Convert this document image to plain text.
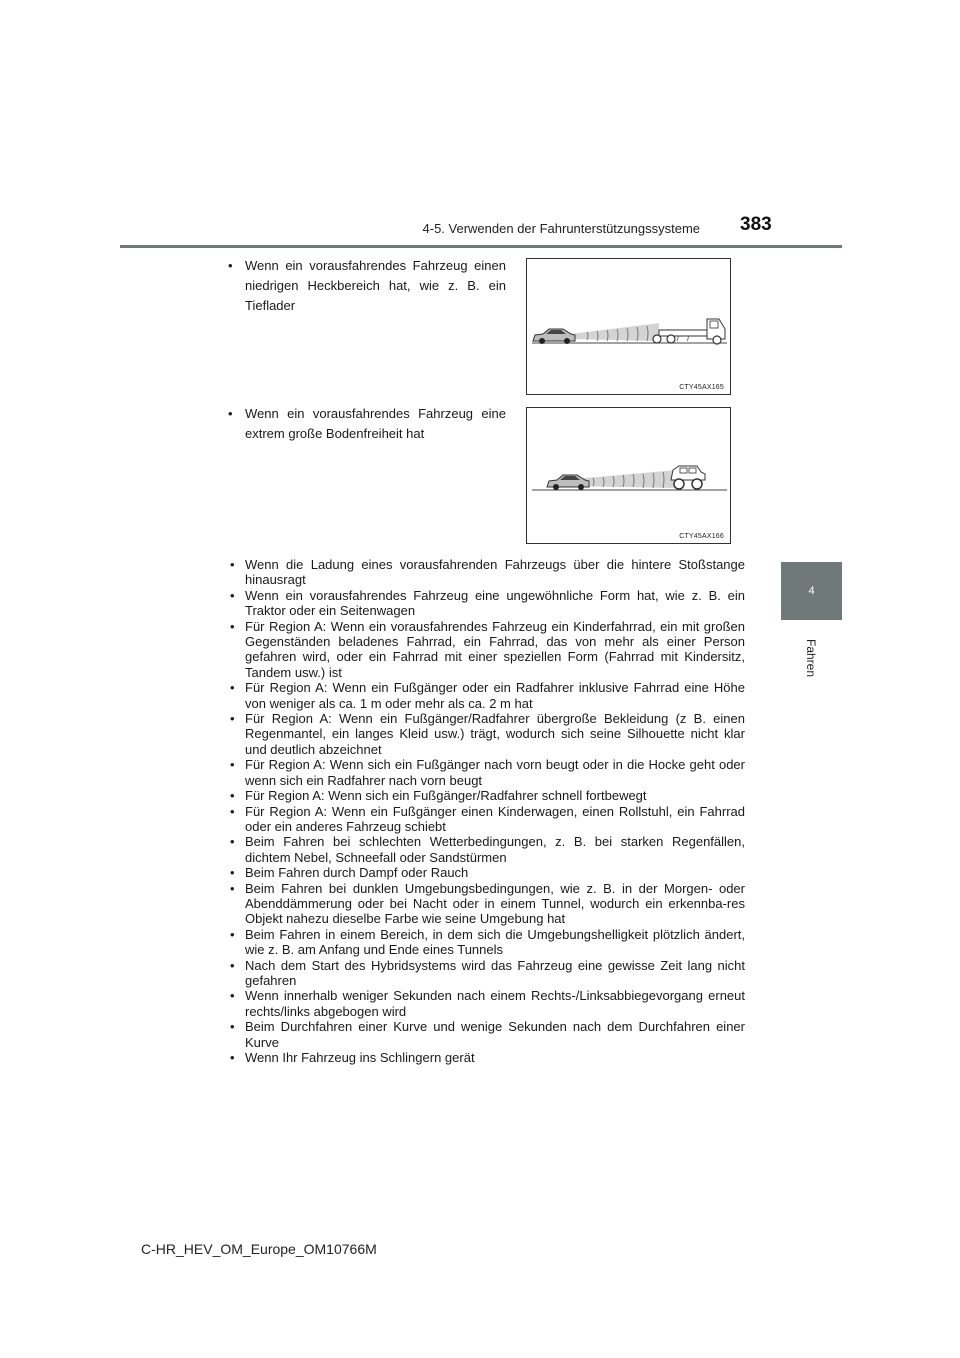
4-5. Verwenden der Fahrunterstützungssysteme 383
4
Fahren
• Wenn ein vorausfahrendes Fahrzeug einen niedrigen Heckbereich hat, wie z. B. ein Tieflader
CTY45AX165
• Wenn ein vorausfahrendes Fahrzeug eine extrem große Bodenfreiheit hat
CTY45AX166
• Wenn die Ladung eines vorausfahrenden Fahrzeugs über die hintere Stoßstange hinausragt
• Wenn ein vorausfahrendes Fahrzeug eine ungewöhnliche Form hat, wie z. B. ein Traktor oder ein Seitenwagen
• Für Region A: Wenn ein vorausfahrendes Fahrzeug ein Kinderfahrrad, ein mit großen Gegenständen beladenes Fahrrad, ein Fahrrad, das von mehr als einer Person gefahren wird, oder ein Fahrrad mit einer speziellen Form (Fahrrad mit Kindersitz, Tandem usw.) ist
• Für Region A: Wenn ein Fußgänger oder ein Radfahrer inklusive Fahrrad eine Höhe von weniger als ca. 1 m oder mehr als ca. 2 m hat
• Für Region A: Wenn ein Fußgänger/Radfahrer übergroße Bekleidung (z B. einen Regenmantel, ein langes Kleid usw.) trägt, wodurch sich seine Silhouette nicht klar und deutlich abzeichnet
• Für Region A: Wenn sich ein Fußgänger nach vorn beugt oder in die Hocke geht oder wenn sich ein Radfahrer nach vorn beugt
• Für Region A: Wenn sich ein Fußgänger/Radfahrer schnell fortbewegt
• Für Region A: Wenn ein Fußgänger einen Kinderwagen, einen Rollstuhl, ein Fahrrad oder ein anderes Fahrzeug schiebt
• Beim Fahren bei schlechten Wetterbedingungen, z. B. bei starken Regenfällen, dichtem Nebel, Schneefall oder Sandstürmen
• Beim Fahren durch Dampf oder Rauch
• Beim Fahren bei dunklen Umgebungsbedingungen, wie z. B. in der Morgen- oder Abenddämmerung oder bei Nacht oder in einem Tunnel, wodurch ein erkennba-res Objekt nahezu dieselbe Farbe wie seine Umgebung hat
• Beim Fahren in einem Bereich, in dem sich die Umgebungshelligkeit plötzlich ändert, wie z. B. am Anfang und Ende eines Tunnels
• Nach dem Start des Hybridsystems wird das Fahrzeug eine gewisse Zeit lang nicht gefahren
• Wenn innerhalb weniger Sekunden nach einem Rechts-/Linksabbiegevorgang erneut rechts/links abgebogen wird
• Beim Durchfahren einer Kurve und wenige Sekunden nach dem Durchfahren einer Kurve
• Wenn Ihr Fahrzeug ins Schlingern gerät
C-HR_HEV_OM_Europe_OM10766M
